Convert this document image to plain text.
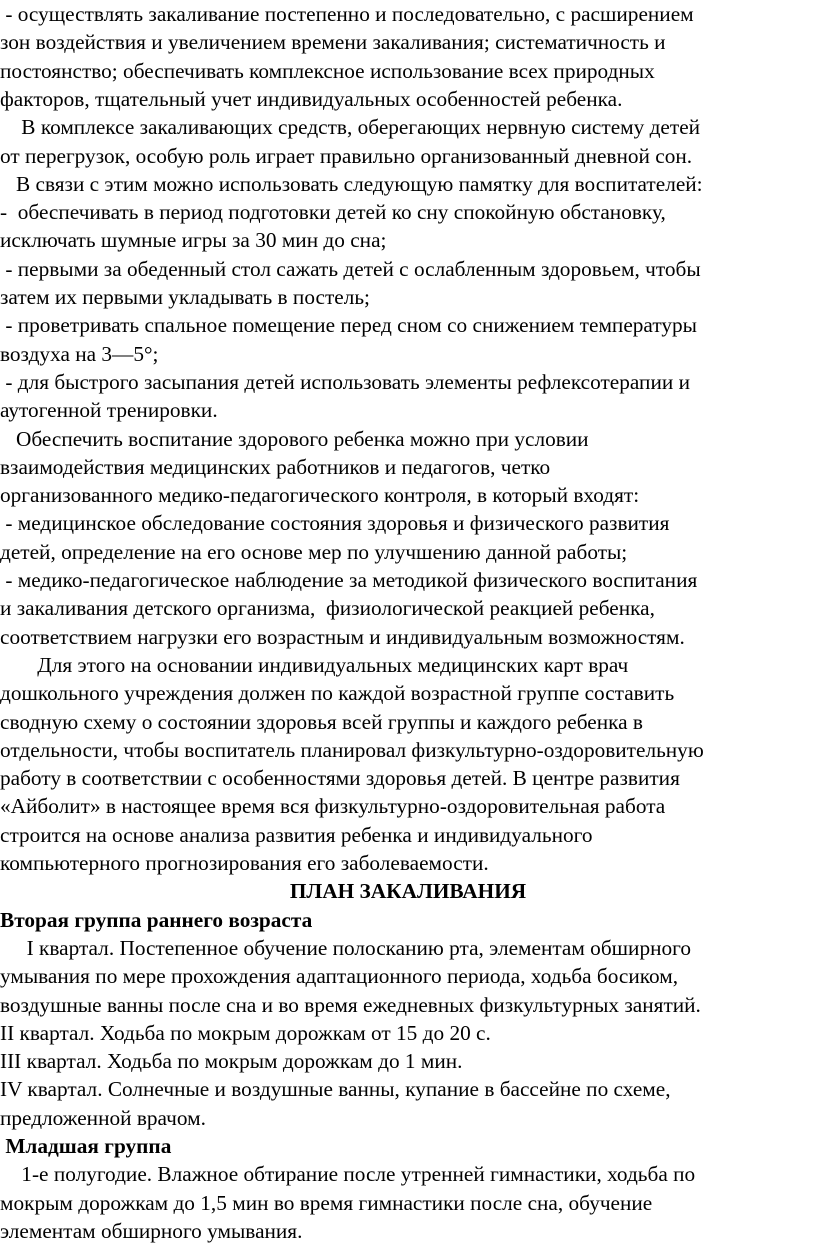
- осуществлять закаливание постепенно и последовательно, с расширением
зон воздействия и увеличением времени закаливания; систематичность и
постоянство; обеспечивать комплексное использование всех природных
факторов, тщательный учет индивидуальных особенностей ребенка.
В комплексе закаливающих средств, оберегающих нервную систему детей
от перегрузок, особую роль играет правильно организованный дневной сон.
В связи с этим можно использовать следующую памятку для воспитателей:
-  обеспечивать в период подготовки детей ко сну спокойную обстановку,
исключать шумные игры за 30 мин до сна;
- первыми за обеденный стол сажать детей с ослабленным здоровьем, чтобы
затем их первыми укладывать в постель;
- проветривать спальное помещение перед сном со снижением температуры
воздуха на 3—5°;
- для быстрого засыпания детей использовать элементы рефлексотерапии и
аутогенной тренировки.
Обеспечить воспитание здорового ребенка можно при условии
взаимодействия медицинских работников и педагогов, четко
организованного медико-педагогического контроля, в который входят:
- медицинское обследование состояния здоровья и физического развития
детей, определение на его основе мер по улучшению данной работы;
- медико-педагогическое наблюдение за методикой физического воспитания
и закаливания детского организма,  физиологической реакцией ребенка,
соответствием нагрузки его возрастным и индивидуальным возможностям.
Для этого на основании индивидуальных медицинских карт врач
дошкольного учреждения должен по каждой возрастной группе составить
сводную схему о состоянии здоровья всей группы и каждого ребенка в
отдельности, чтобы воспитатель планировал физкультурно-оздоровительную
работу в соответствии с особенностями здоровья детей. В центре развития
«Айболит» в настоящее время вся физкультурно-оздоровительная работа
строится на основе анализа развития ребенка и индивидуального
компьютерного прогнозирования его заболеваемости.
ПЛАН ЗАКАЛИВАНИЯ
Вторая группа раннего возраста
I квартал. Постепенное обучение полосканию рта, элементам обширного
умывания по мере прохождения адаптационного периода, ходьба босиком,
воздушные ванны после сна и во время ежедневных физкультурных занятий.
II квартал. Ходьба по мокрым дорожкам от 15 до 20 с.
III квартал. Ходьба по мокрым дорожкам до 1 мин.
IV квартал. Солнечные и воздушные ванны, купание в бассейне по схеме,
предложенной врачом.
Младшая группа
1-е полугодие. Влажное обтирание после утренней гимнастики, ходьба по
мокрым дорожкам до 1,5 мин во время гимнастики после сна, обучение
элементам обширного умывания.
